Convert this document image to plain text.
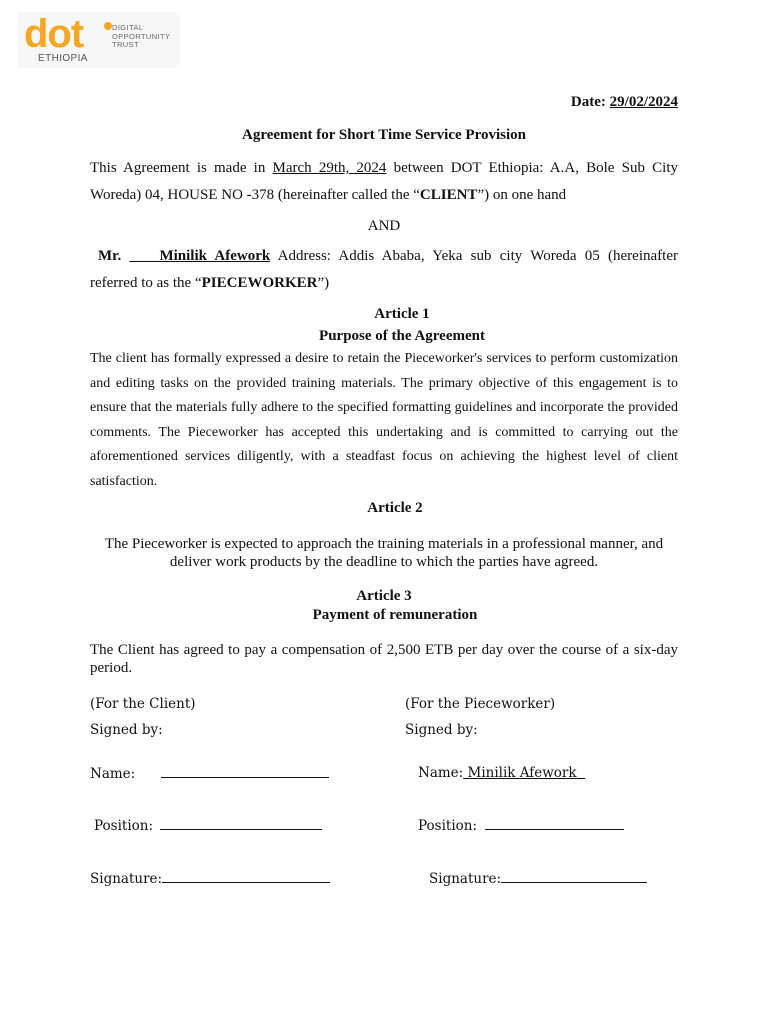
dot	DIGITAL
OPPORTUNITY
TRUST
ETHIOPIA
Date: 29/02/2024
Agreement for Short Time Service Provision
This Agreement is made in March 29th, 2024 between DOT Ethiopia: A.A, Bole Sub City Woreda) 04, HOUSE NO -378 (hereinafter called the “CLIENT”) on one hand
AND
Mr. ____Minilik Afework Address: Addis Ababa, Yeka sub city Woreda 05 (hereinafter referred to as the “PIECEWORKER”)
Article 1
Purpose of the Agreement
The client has formally expressed a desire to retain the Pieceworker's services to perform customization and editing tasks on the provided training materials. The primary objective of this engagement is to ensure that the materials fully adhere to the specified formatting guidelines and incorporate the provided comments. The Pieceworker has accepted this undertaking and is committed to carrying out the aforementioned services diligently, with a steadfast focus on achieving the highest level of client satisfaction.
Article 2
The Pieceworker is expected to approach the training materials in a professional manner, and
deliver work products by the deadline to which the parties have agreed.
Article 3
Payment of remuneration
The Client has agreed to pay a compensation of 2,500 ETB per day over the course of a six-day period.
(For the Client)
Signed by:
Name:
Position:
Signature:
(For the Pieceworker)
Signed by:
Name: Minilik Afework
Position:
Signature:
